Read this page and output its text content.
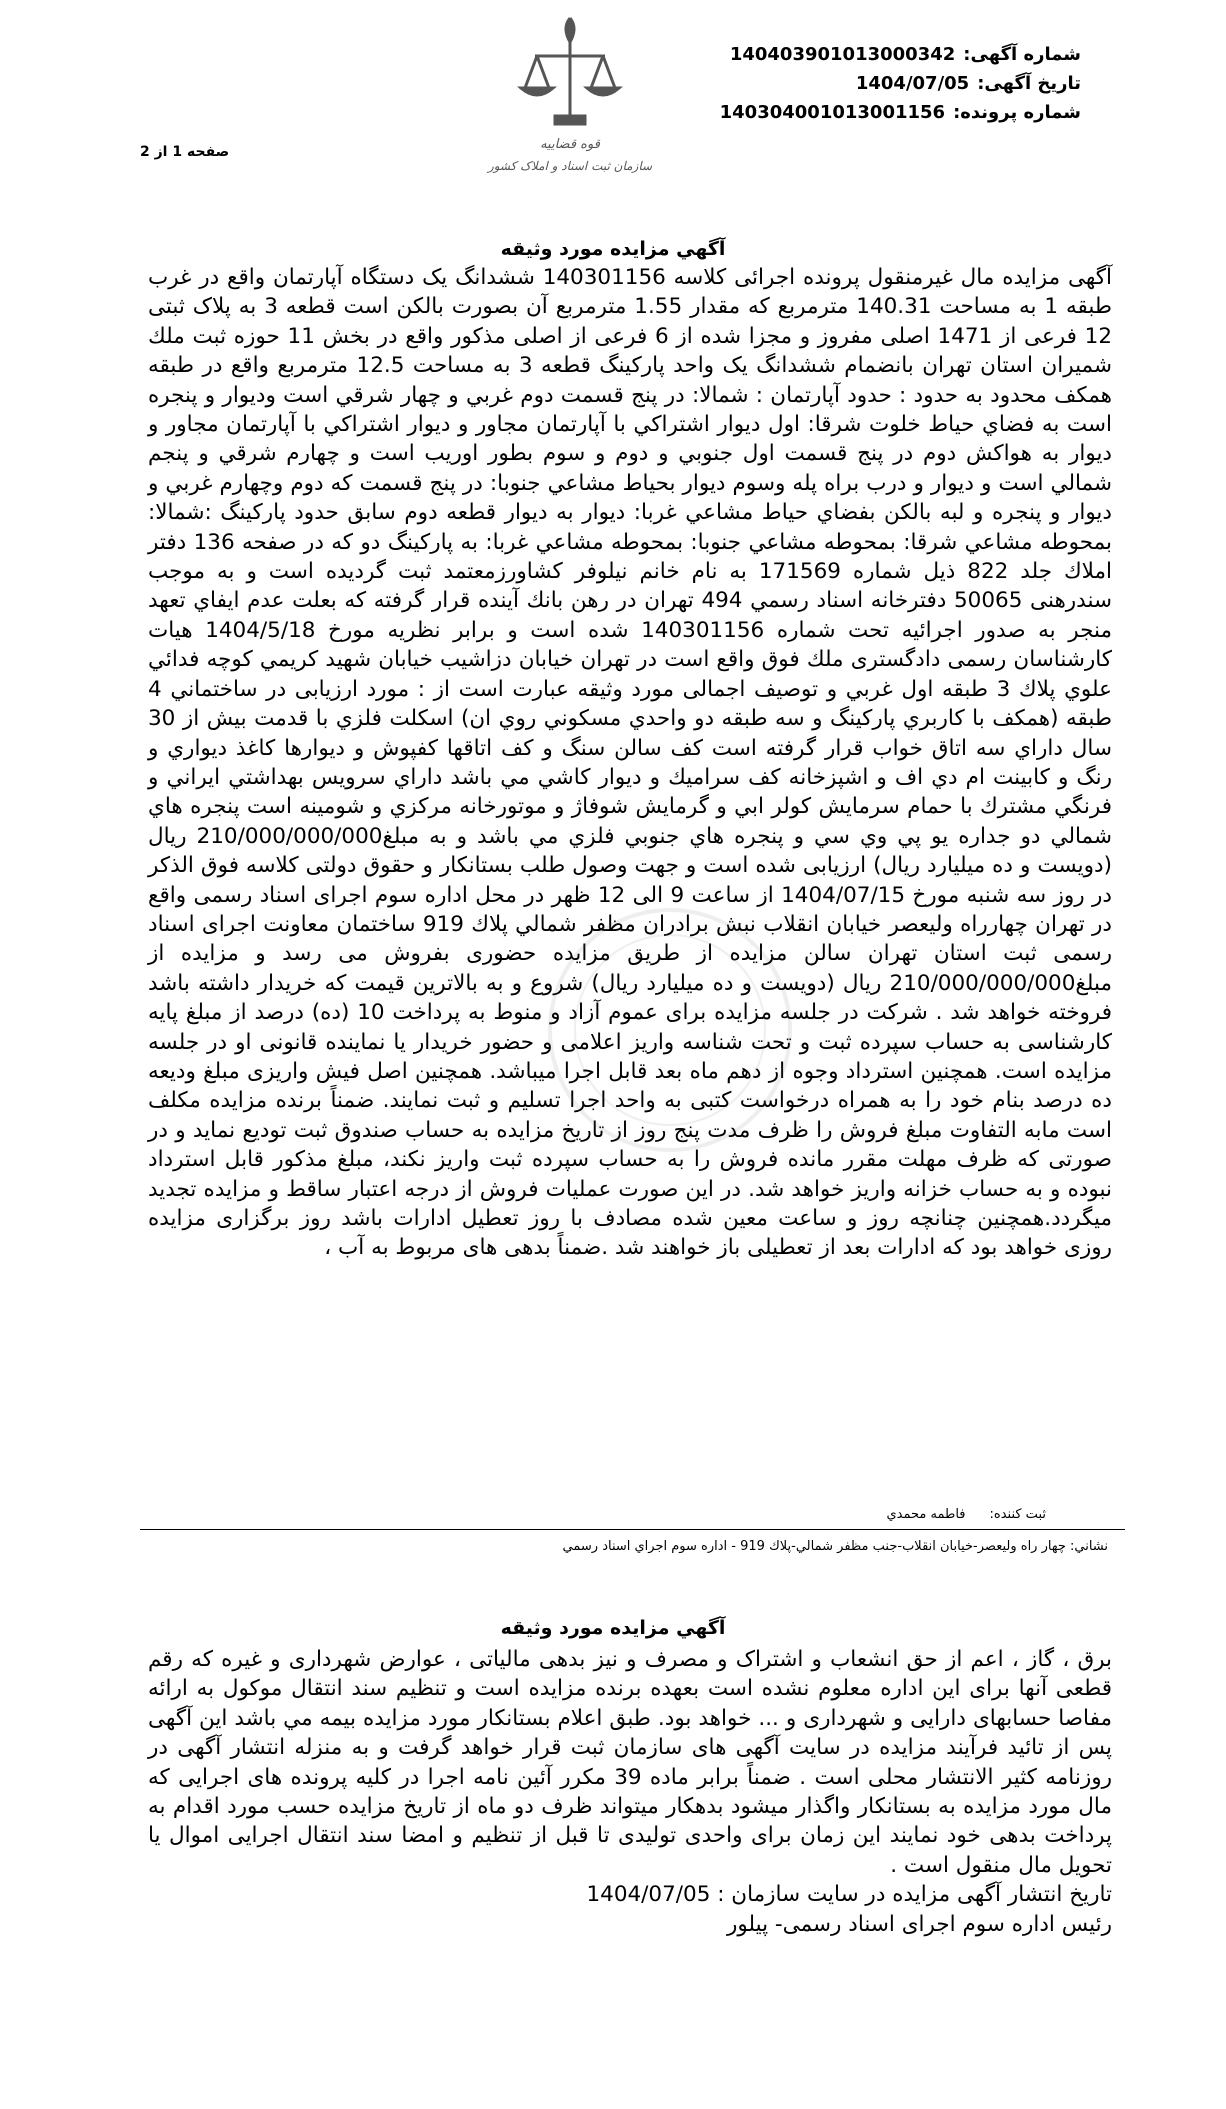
قوه قضاییه
سازمان ثبت اسناد و املاک کشور
شماره آگهی:
140403901013000342
تاریخ آگهی:
1404/07/05
شماره پرونده:
140304001013001156
صفحه 1 از 2
آگهي مزايده مورد وثيقه
آگهی مزایده مال غیرمنقول پرونده اجرائی کلاسه 140301156 ششدانگ یک دستگاه آپارتمان واقع در غرب طبقه 1 به مساحت 140.31 مترمربع که مقدار 1.55 مترمربع آن بصورت بالکن است قطعه 3 به پلاک ثبتی 12 فرعی از 1471 اصلی مفروز و مجزا شده از 6 فرعی از اصلی مذکور واقع در بخش 11 حوزه ثبت ملك شميران استان تهران بانضمام ششدانگ یک واحد پارکینگ قطعه 3 به مساحت 12.5 مترمربع واقع در طبقه همكف محدود به حدود : حدود آپارتمان : شمالا: در پنج قسمت دوم غربي و چهار شرقي است وديوار و پنجره است به فضاي حياط خلوت شرقا: اول ديوار اشتراكي با آپارتمان مجاور و ديوار اشتراكي با آپارتمان مجاور و ديوار به هواكش دوم در پنج قسمت اول جنوبي و دوم و سوم بطور اوريب است و چهارم شرقي و پنجم شمالي است و ديوار و درب براه پله وسوم ديوار بحياط مشاعي جنوبا: در پنج قسمت كه دوم وچهارم غربي و ديوار و پنجره و لبه بالكن بفضاي حياط مشاعي غربا: ديوار به ديوار قطعه دوم سابق حدود پاركينگ :شمالا: بمحوطه مشاعي شرقا: بمحوطه مشاعي جنوبا: بمحوطه مشاعي غربا: به پاركينگ دو كه در صفحه 136 دفتر املاك جلد 822 ذيل شماره 171569 به نام خانم نيلوفر كشاورزمعتمد ثبت گرديده است و به موجب سندرهنی 50065 دفترخانه اسناد رسمي 494 تهران در رهن بانك آينده قرار گرفته كه بعلت عدم ايفاي تعهد منجر به صدور اجرائيه تحت شماره 140301156 شده است و برابر نظريه مورخ 1404/5/18 هيات كارشناسان رسمی دادگستری ملك فوق واقع است در تهران خيابان دزاشيب خيابان شهيد كريمي كوچه فدائي علوي پلاك 3 طبقه اول غربي و توصيف اجمالی مورد وثيقه عبارت است از : مورد ارزيابی در ساختماني 4 طبقه (همكف با كاربري پاركينگ و سه طبقه دو واحدي مسكوني روي ان) اسكلت فلزي با قدمت بيش از 30 سال داراي سه اتاق خواب قرار گرفته است كف سالن سنگ و كف اتاقها كفپوش و ديوارها كاغذ ديواري و رنگ و كابينت ام دي اف و اشپزخانه كف سراميك و ديوار كاشي مي باشد داراي سرويس بهداشتي ايراني و فرنگي مشترك با حمام سرمايش كولر ابي و گرمايش شوفاژ و موتورخانه مركزي و شومينه است پنجره هاي شمالي دو جداره يو پي وي سي و پنجره هاي جنوبي فلزي مي باشد و به مبلغ210/000/000/000 ريال (دويست و ده ميليارد ريال) ارزيابی شده است و جهت وصول طلب بستانكار و حقوق دولتی كلاسه فوق الذكر در روز سه شنبه مورخ 1404/07/15 از ساعت 9 الی 12 ظهر در محل اداره سوم اجرای اسناد رسمی واقع در تهران چهارراه وليعصر خيابان انقلاب نبش برادران مظفر شمالي پلاك 919 ساختمان معاونت اجرای اسناد رسمی ثبت استان تهران سالن مزايده از طريق مزايده حضوری بفروش می رسد و مزايده از مبلغ210/000/000/000 ريال (دويست و ده ميليارد ريال) شروع و به بالاترين قيمت كه خريدار داشته باشد فروخته خواهد شد . شركت در جلسه مزايده برای عموم آزاد و منوط به پرداخت 10 (ده) درصد از مبلغ پايه كارشناسی به حساب سپرده ثبت و تحت شناسه واريز اعلامی و حضور خريدار يا نماينده قانونی او در جلسه مزايده است. همچنين استرداد وجوه از دهم ماه بعد قابل اجرا ميباشد. همچنين اصل فيش واريزی مبلغ وديعه ده درصد بنام خود را به همراه درخواست كتبی به واحد اجرا تسليم و ثبت نمايند. ضمناً برنده مزايده مكلف است مابه التفاوت مبلغ فروش را ظرف مدت پنج روز از تاريخ مزايده به حساب صندوق ثبت توديع نمايد و در صورتی كه ظرف مهلت مقرر مانده فروش را به حساب سپرده ثبت واريز نكند، مبلغ مذكور قابل استرداد نبوده و به حساب خزانه واريز خواهد شد. در اين صورت عمليات فروش از درجه اعتبار ساقط و مزايده تجديد ميگردد.همچنين چنانچه روز و ساعت معين شده مصادف با روز تعطيل ادارات باشد روز برگزاری مزايده روزی خواهد بود كه ادارات بعد از تعطيلی باز خواهند شد .ضمناً بدهی های مربوط به آب ،
ثبت كننده:
فاطمه محمدي
نشاني: چهار راه وليعصر-خيابان انقلاب-جنب مظفر شمالي-پلاك 919 - اداره سوم اجراي اسناد رسمي
آگهي مزايده مورد وثيقه
برق ، گاز ، اعم از حق انشعاب و اشتراک و مصرف و نیز بدهی مالیاتی ، عوارض شهرداری و غیره که رقم قطعی آنها برای این اداره معلوم نشده است بعهده برنده مزایده است و تنظیم سند انتقال موکول به ارائه مفاصا حسابهای دارایی و شهرداری و ... خواهد بود. طبق اعلام بستانكار مورد مزايده بيمه مي باشد اين آگهی پس از تائید فرآیند مزایده در سایت آگهی های سازمان ثبت قرار خواهد گرفت و به منزله انتشار آگهی در روزنامه کثیر الانتشار محلی است . ضمناً برابر ماده 39 مکرر آئین نامه اجرا در کلیه پرونده های اجرایی که مال مورد مزایده به بستانکار واگذار میشود بدهکار میتواند ظرف دو ماه از تاریخ مزایده حسب مورد اقدام به پرداخت بدهی خود نمایند این زمان برای واحدی تولیدی تا قبل از تنظیم و امضا سند انتقال اجرایی اموال یا تحویل مال منقول است .
تاریخ انتشار آگهی مزایده در سایت سازمان : 1404/07/05
رئیس اداره سوم اجرای اسناد رسمی- پیلور
